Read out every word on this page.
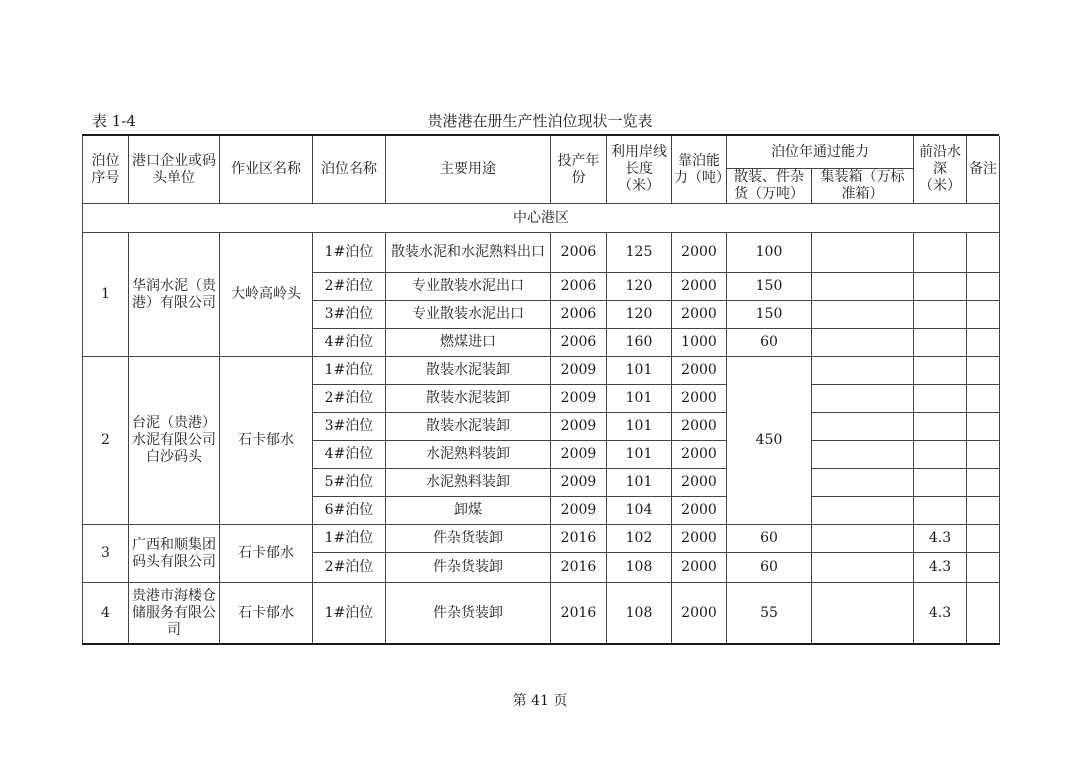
表 1-4	贵港港在册生产性泊位现状一览表
泊位序号	港口企业或码头单位	作业区名称	泊位名称	主要用途	投产年份	利用岸线长度（米）	靠泊能力（吨）	泊位年通过能力		前沿水深（米）	备注
								散装、件杂货（万吨）	集装箱（万标准箱）		
中心港区											
1	华润水泥（贵港）有限公司	大岭高岭头	1#泊位	散装水泥和水泥熟料出口	2006	125	2000	100			
			2#泊位	专业散装水泥出口	2006	120	2000	150			
			3#泊位	专业散装水泥出口	2006	120	2000	150			
			4#泊位	燃煤进口	2006	160	1000	60			
2	台泥（贵港）水泥有限公司白沙码头	石卡郁水	1#泊位	散装水泥装卸	2009	101	2000	450			
			2#泊位	散装水泥装卸	2009	101	2000				
			3#泊位	散装水泥装卸	2009	101	2000				
			4#泊位	水泥熟料装卸	2009	101	2000				
			5#泊位	水泥熟料装卸	2009	101	2000				
			6#泊位	卸煤	2009	104	2000				
3	广西和顺集团码头有限公司	石卡郁水	1#泊位	件杂货装卸	2016	102	2000	60		4.3	
			2#泊位	件杂货装卸	2016	108	2000	60		4.3	
4	贵港市海楼仓储服务有限公司	石卡郁水	1#泊位	件杂货装卸	2016	108	2000	55		4.3	
第 41 页
